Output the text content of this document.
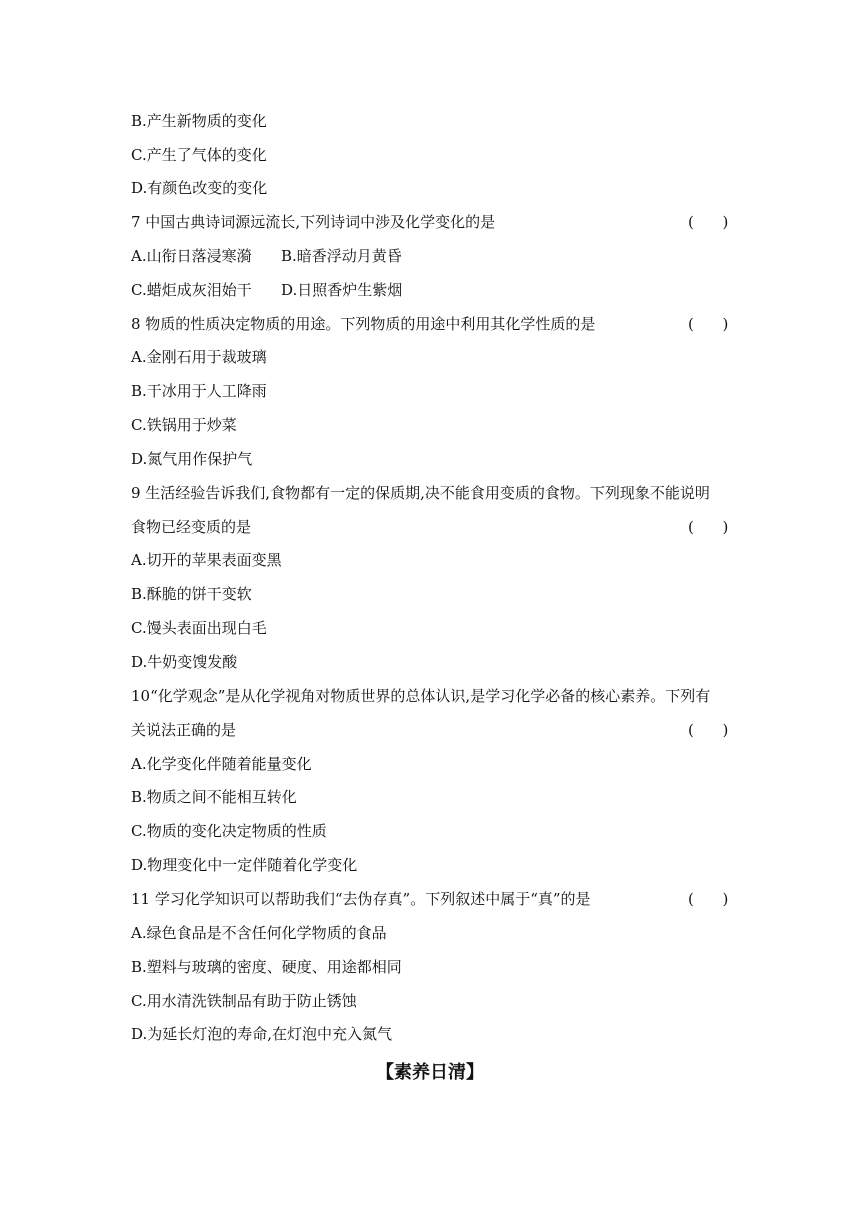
B.产生新物质的变化
C.产生了气体的变化
D.有颜色改变的变化
7 中国古典诗词源远流长,下列诗词中涉及化学变化的是	(      )
A.山衔日落浸寒漪 B.暗香浮动月黄昏
C.蜡炬成灰泪始干 D.日照香炉生紫烟
8 物质的性质决定物质的用途。下列物质的用途中利用其化学性质的是	(      )
A.金刚石用于裁玻璃
B.干冰用于人工降雨
C.铁锅用于炒菜
D.氮气用作保护气
9 生活经验告诉我们,食物都有一定的保质期,决不能食用变质的食物。下列现象不能说明
食物已经变质的是	(      )
A.切开的苹果表面变黑
B.酥脆的饼干变软
C.馒头表面出现白毛
D.牛奶变馊发酸
10“化学观念”是从化学视角对物质世界的总体认识,是学习化学必备的核心素养。下列有
关说法正确的是	(      )
A.化学变化伴随着能量变化
B.物质之间不能相互转化
C.物质的变化决定物质的性质
D.物理变化中一定伴随着化学变化
11 学习化学知识可以帮助我们“去伪存真”。下列叙述中属于“真”的是	(      )
A.绿色食品是不含任何化学物质的食品
B.塑料与玻璃的密度、硬度、用途都相同
C.用水清洗铁制品有助于防止锈蚀
D.为延长灯泡的寿命,在灯泡中充入氮气
【素养日清】
